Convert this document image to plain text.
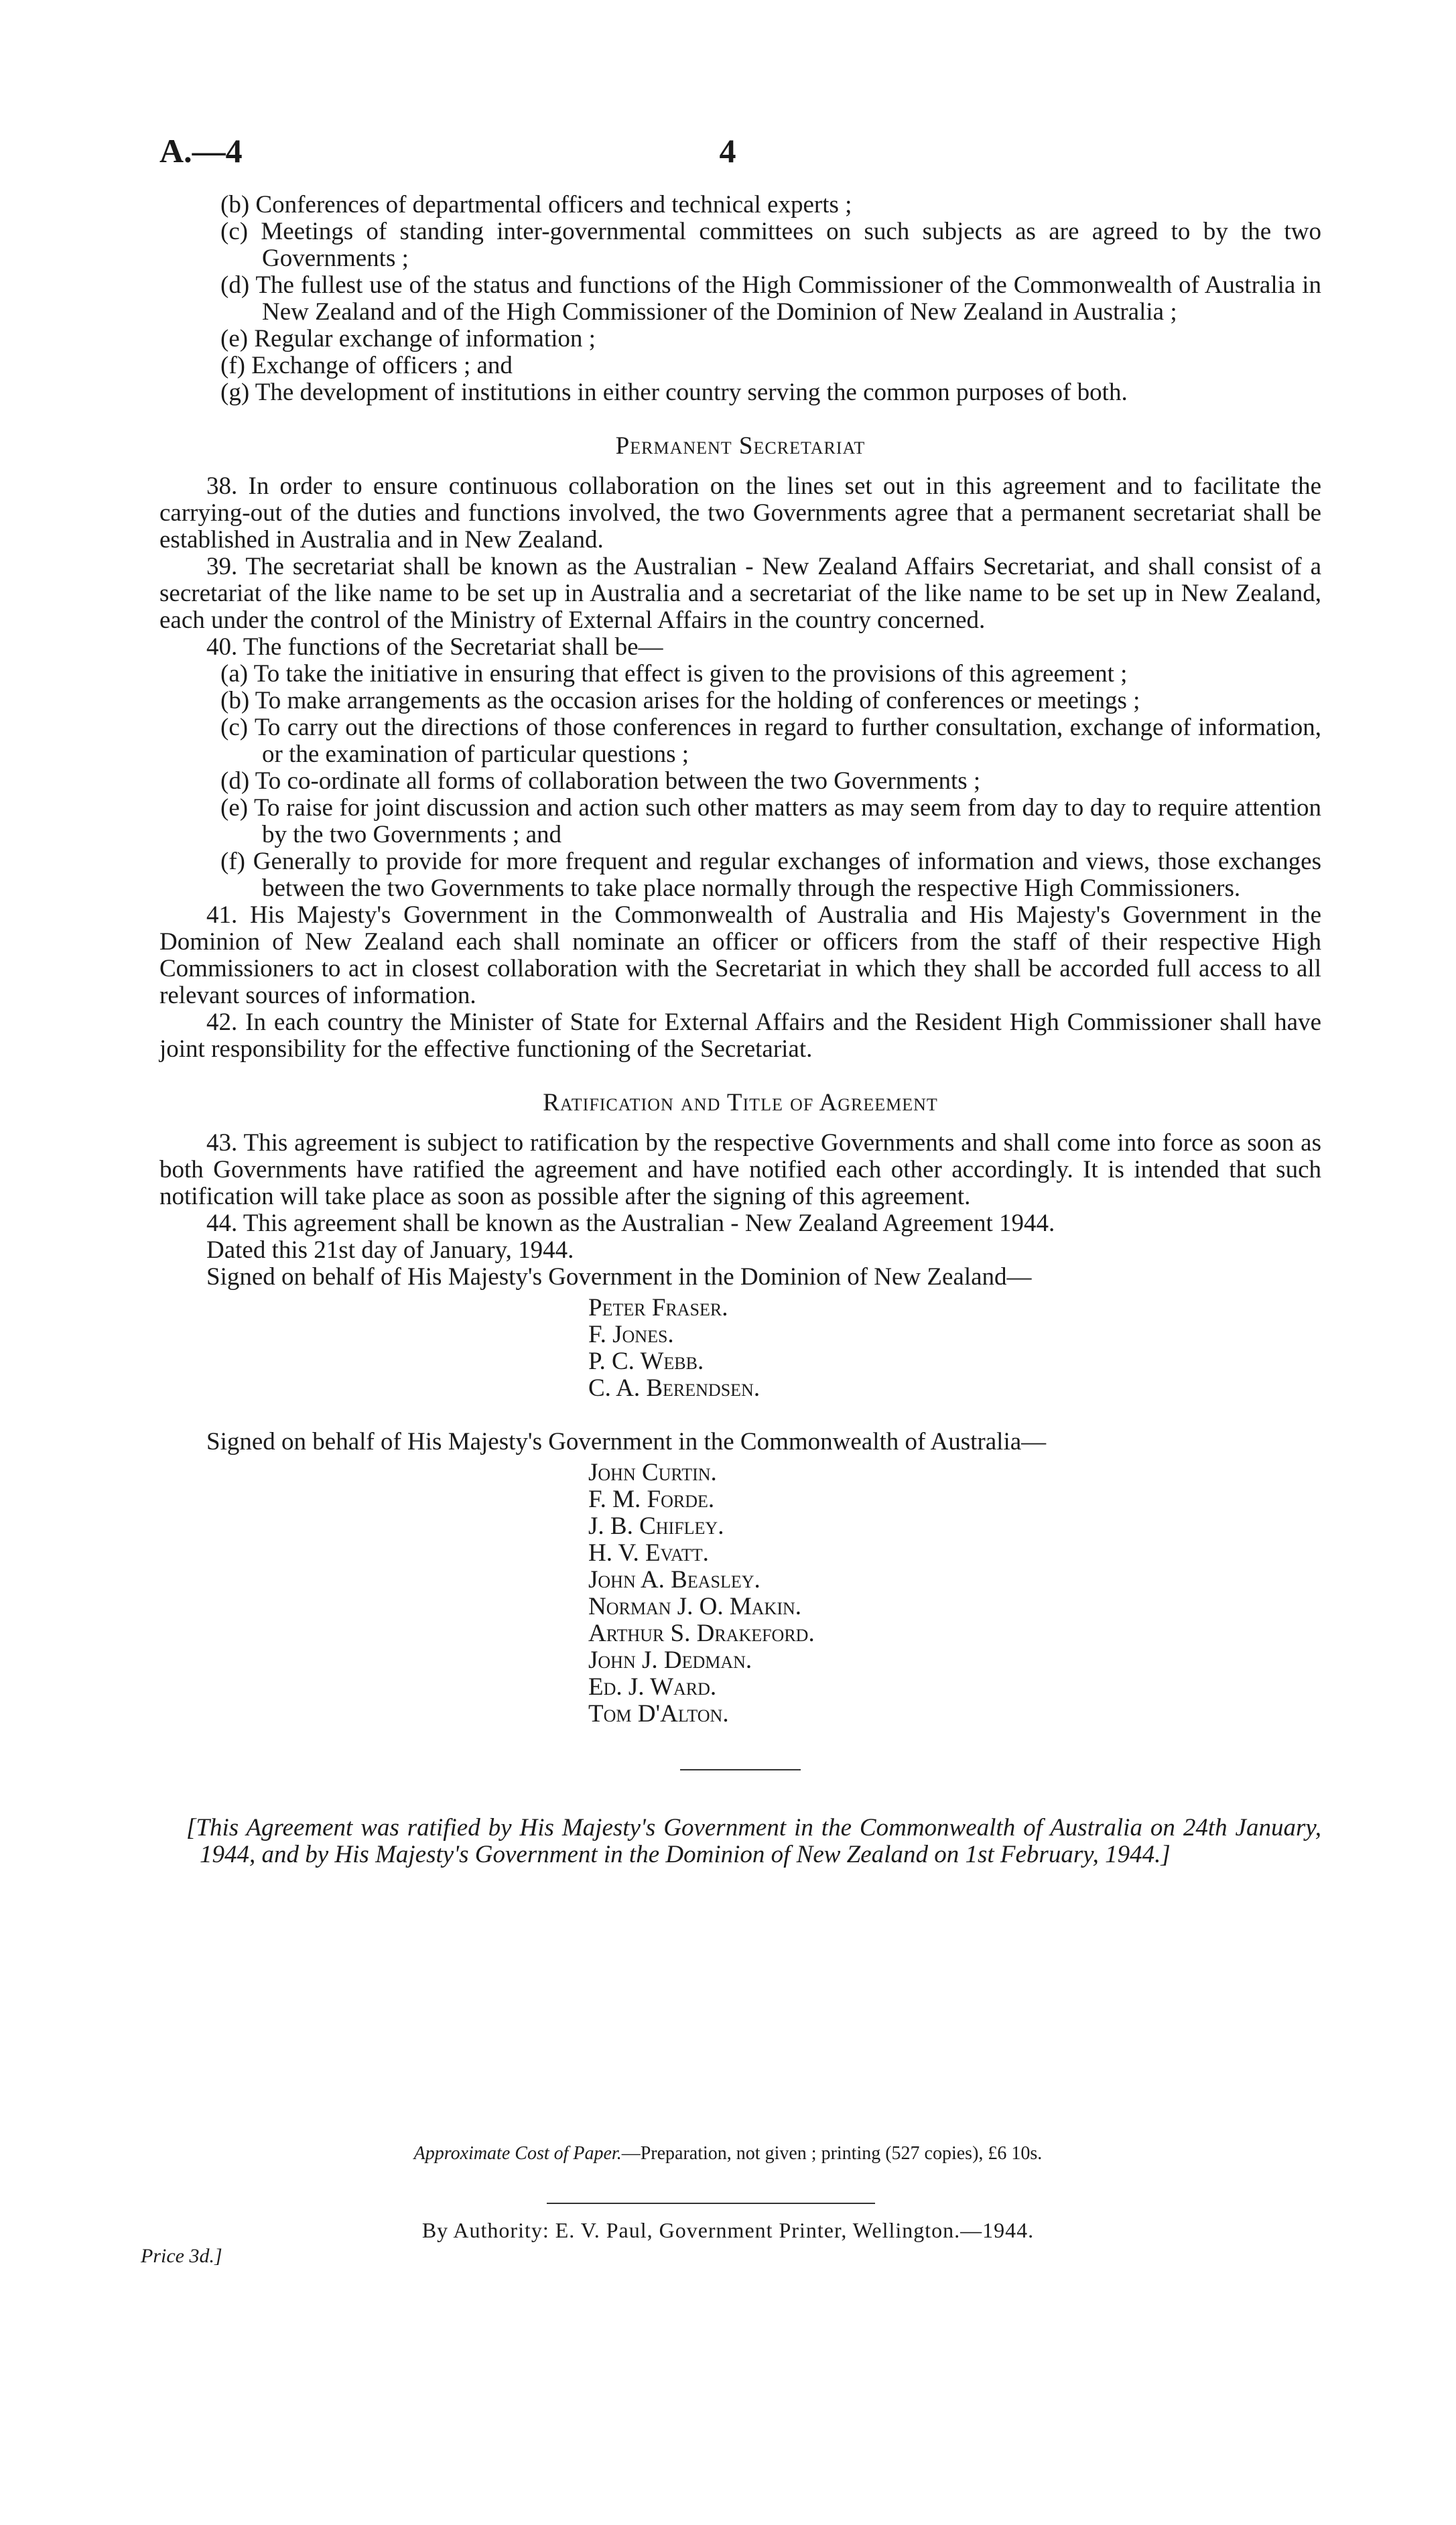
A.—4	4

(b) Conferences of departmental officers and technical experts ;

(c) Meetings of standing inter-governmental committees on such subjects as are agreed to by the two Governments ;

(d) The fullest use of the status and functions of the High Commissioner of the Commonwealth of Australia in New Zealand and of the High Commissioner of the Dominion of New Zealand in Australia ;

(e) Regular exchange of information ;

(f) Exchange of officers ; and

(g) The development of institutions in either country serving the common purposes of both.

Permanent Secretariat

38. In order to ensure continuous collaboration on the lines set out in this agreement and to facilitate the carrying-out of the duties and functions involved, the two Governments agree that a permanent secretariat shall be established in Australia and in New Zealand.

39. The secretariat shall be known as the Australian - New Zealand Affairs Secretariat, and shall consist of a secretariat of the like name to be set up in Australia and a secretariat of the like name to be set up in New Zealand, each under the control of the Ministry of External Affairs in the country concerned.

40. The functions of the Secretariat shall be—

(a) To take the initiative in ensuring that effect is given to the provisions of this agreement ;

(b) To make arrangements as the occasion arises for the holding of conferences or meetings ;

(c) To carry out the directions of those conferences in regard to further consultation, exchange of information, or the examination of particular questions ;

(d) To co-ordinate all forms of collaboration between the two Governments ;

(e) To raise for joint discussion and action such other matters as may seem from day to day to require attention by the two Governments ; and

(f) Generally to provide for more frequent and regular exchanges of information and views, those exchanges between the two Governments to take place normally through the respective High Commissioners.

41. His Majesty's Government in the Commonwealth of Australia and His Majesty's Government in the Dominion of New Zealand each shall nominate an officer or officers from the staff of their respective High Commissioners to act in closest collaboration with the Secretariat in which they shall be accorded full access to all relevant sources of information.

42. In each country the Minister of State for External Affairs and the Resident High Commissioner shall have joint responsibility for the effective functioning of the Secretariat.

Ratification and Title of Agreement

43. This agreement is subject to ratification by the respective Governments and shall come into force as soon as both Governments have ratified the agreement and have notified each other accordingly. It is intended that such notification will take place as soon as possible after the signing of this agreement.

44. This agreement shall be known as the Australian - New Zealand Agreement 1944.

Dated this 21st day of January, 1944.

Signed on behalf of His Majesty's Government in the Dominion of New Zealand—

Peter Fraser.
F. Jones.
P. C. Webb.
C. A. Berendsen.

Signed on behalf of His Majesty's Government in the Commonwealth of Australia—

John Curtin.
F. M. Forde.
J. B. Chifley.
H. V. Evatt.
John A. Beasley.
Norman J. O. Makin.
Arthur S. Drakeford.
John J. Dedman.
Ed. J. Ward.
Tom D'Alton.

[This Agreement was ratified by His Majesty's Government in the Commonwealth of Australia on 24th January, 1944, and by His Majesty's Government in the Dominion of New Zealand on 1st February, 1944.]

Approximate Cost of Paper.—Preparation, not given ; printing (527 copies), £6 10s.
By Authority: E. V. Paul, Government Printer, Wellington.—1944.
Price 3d.]
